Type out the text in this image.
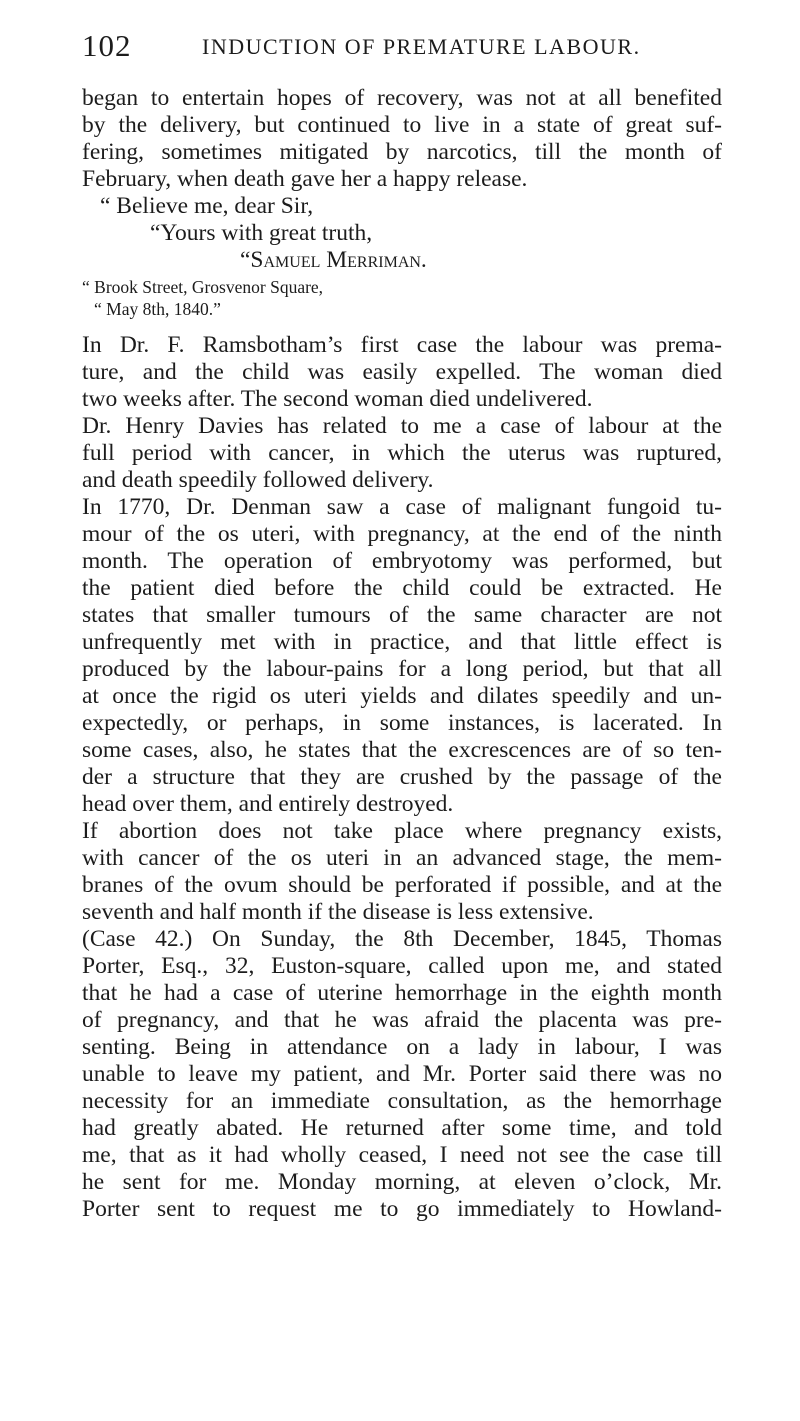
102	INDUCTION OF PREMATURE LABOUR.
began to entertain hopes of recovery, was not at all benefited
by the delivery, but continued to live in a state of great suf-
fering, sometimes mitigated by narcotics, till the month of
February, when death gave her a happy release.
“ Believe me, dear Sir,
“Yours with great truth,
“Samuel Merriman.
“ Brook Street, Grosvenor Square,
“ May 8th, 1840.”
In Dr. F. Ramsbotham’s first case the labour was prema-
ture, and the child was easily expelled. The woman died
two weeks after. The second woman died undelivered.
Dr. Henry Davies has related to me a case of labour at the
full period with cancer, in which the uterus was ruptured,
and death speedily followed delivery.
In 1770, Dr. Denman saw a case of malignant fungoid tu-
mour of the os uteri, with pregnancy, at the end of the ninth
month. The operation of embryotomy was performed, but
the patient died before the child could be extracted. He
states that smaller tumours of the same character are not
unfrequently met with in practice, and that little effect is
produced by the labour-pains for a long period, but that all
at once the rigid os uteri yields and dilates speedily and un-
expectedly, or perhaps, in some instances, is lacerated. In
some cases, also, he states that the excrescences are of so ten-
der a structure that they are crushed by the passage of the
head over them, and entirely destroyed.
If abortion does not take place where pregnancy exists,
with cancer of the os uteri in an advanced stage, the mem-
branes of the ovum should be perforated if possible, and at the
seventh and half month if the disease is less extensive.
(Case 42.) On Sunday, the 8th December, 1845, Thomas
Porter, Esq., 32, Euston-square, called upon me, and stated
that he had a case of uterine hemorrhage in the eighth month
of pregnancy, and that he was afraid the placenta was pre-
senting. Being in attendance on a lady in labour, I was
unable to leave my patient, and Mr. Porter said there was no
necessity for an immediate consultation, as the hemorrhage
had greatly abated. He returned after some time, and told
me, that as it had wholly ceased, I need not see the case till
he sent for me. Monday morning, at eleven o’clock, Mr.
Porter sent to request me to go immediately to Howland-
